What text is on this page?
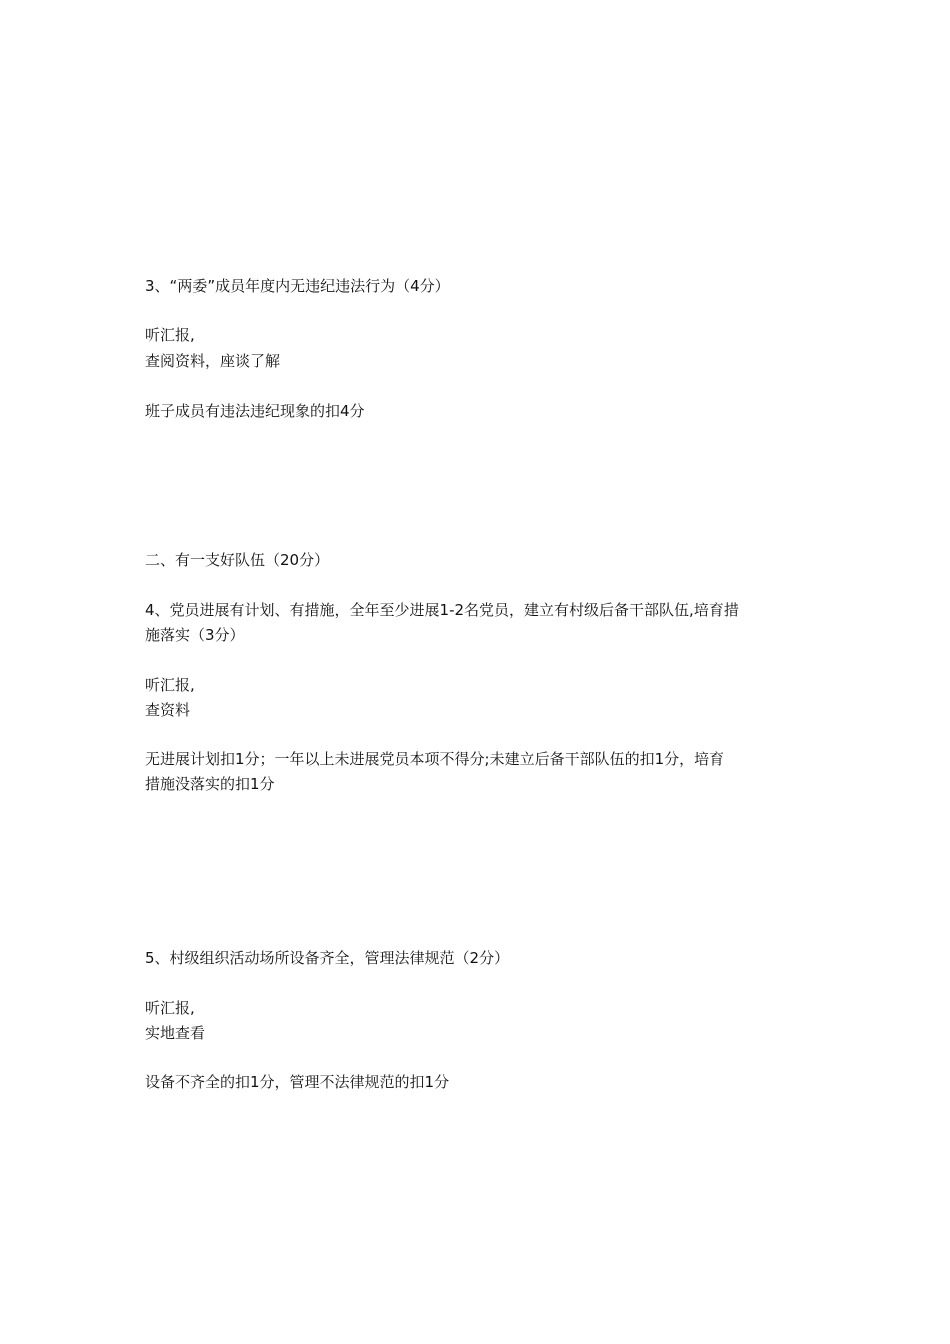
3、“两委”成员年度内无违纪违法行为（4分）
听汇报,
查阅资料，座谈了解
班子成员有违法违纪现象的扣4分
二、有一支好队伍（20分）
4、党员进展有计划、有措施，全年至少进展1-2名党员，建立有村级后备干部队伍,培育措
施落实（3分）
听汇报,
查资料
无进展计划扣1分；一年以上未进展党员本项不得分;未建立后备干部队伍的扣1分，培育
措施没落实的扣1分
5、村级组织活动场所设备齐全，管理法律规范（2分）
听汇报,
实地查看
设备不齐全的扣1分，管理不法律规范的扣1分
